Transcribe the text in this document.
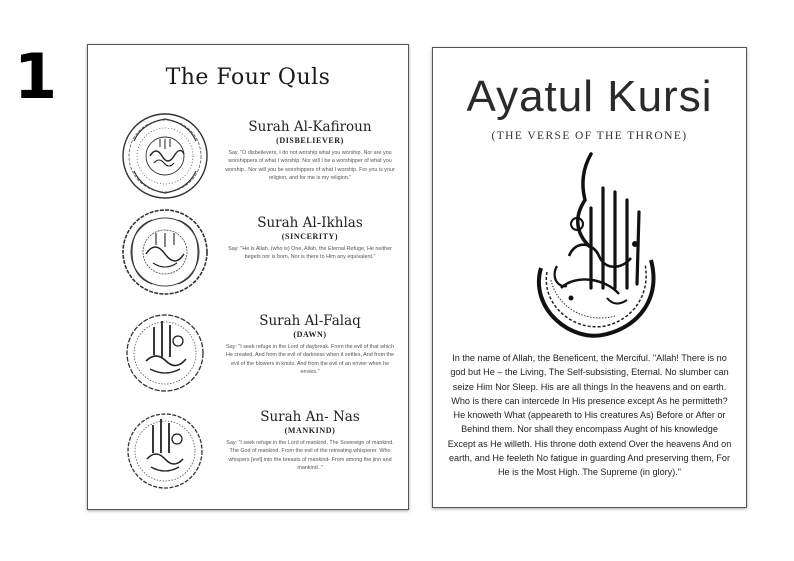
1	The Four Quls
Surah Al-Kafiroun
(DISBELIEVER)
Say, "O disbelievers, I do not worship what you worship. Nor are you worshippers of what I worship. Nor will I be a worshipper of what you worship.. Nor will you be worshippers of what I worship. For you is your religion, and for me is my religion."
Surah Al-Ikhlas
(SINCERITY)
Say: "He is Allah, (who is) One, Allah, the Eternal Refuge, He neither begets nor is born, Nor is there to Him any equivalent."
Surah Al-Falaq
(DAWN)
Say: "I seek refuge in the Lord of daybreak. From the evil of that which He created. And from the evil of darkness when it settles, And from the evil of the blowers in knots. And from the evil of an envier when he envies."
Surah An- Nas
(MANKIND)
Say: "I seek refuge in the Lord of mankind, The Sovereign of mankind. The God of mankind. From the evil of the retreating whisperer. Who whispers [evil] into the breasts of mankind- From among the jinn and mankind ."
Ayatul Kursi
(THE VERSE OF THE THRONE)
In the name of Allah, the Beneficent, the Merciful. "Allah! There is no god but He – the Living, The Self-subsisting, Eternal. No slumber can seize Him Nor Sleep. His are all things In the heavens and on earth. Who is there can intercede In His presence except As he permitteth? He knoweth What (appeareth to His creatures As) Before or After or Behind them. Nor shall they encompass Aught of his knowledge Except as He willeth. His throne doth extend Over the heavens And on earth, and He feeleth No fatigue in guarding And preserving them, For He is the Most High. The Supreme (in glory)."
